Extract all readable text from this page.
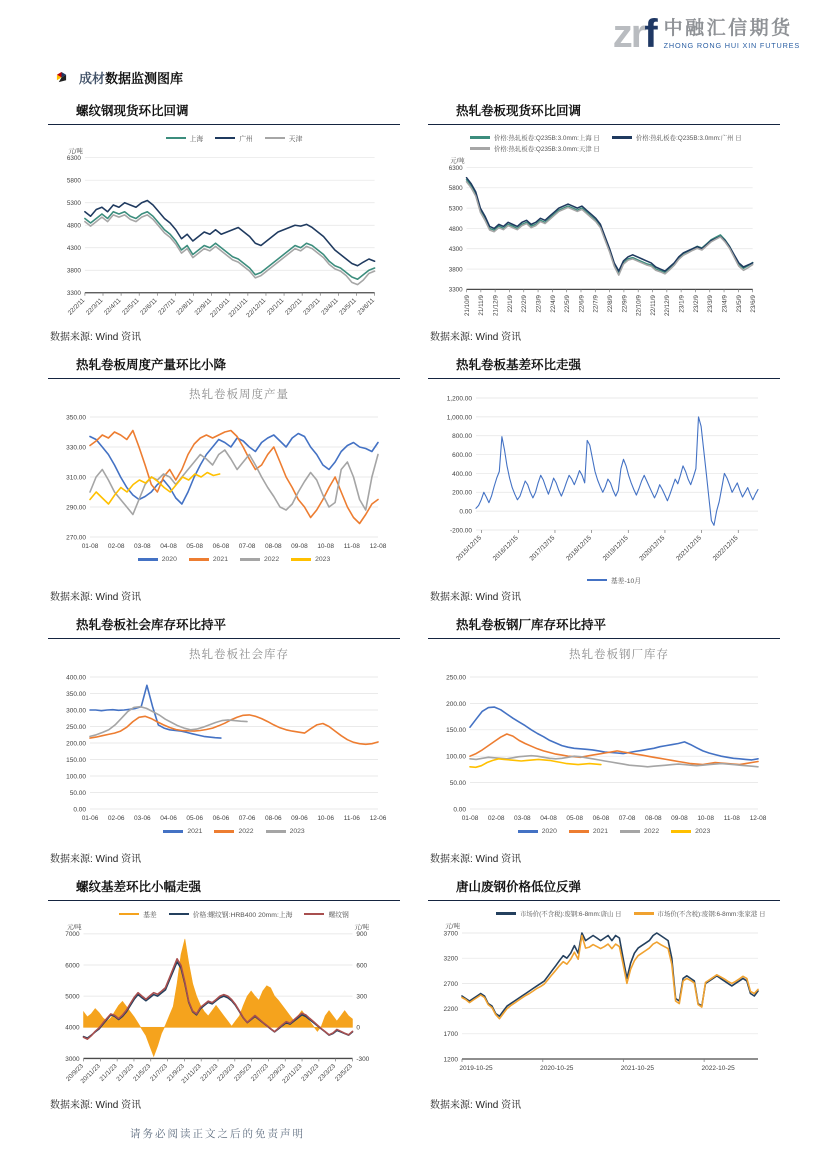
zrf 中融汇信期货
ZHONG RONG HUI XIN FUTURES
成材数据监测图库
螺纹钢现货环比回调
上海	广州	天津
6300
5800
5300
4800
4300
3800
3300
元/吨
22/2/11
22/3/11
22/4/11
22/5/11
22/6/11
22/7/11
22/8/11
22/9/11
22/10/11
22/11/11
22/12/11
23/1/11
23/2/11
23/3/11
23/4/11
23/5/11
23/6/11
数据来源: Wind 资讯
热轧卷板现货环比回调
价格:热轧板卷:Q235B:3.0mm:上海 日	价格:热轧板卷:Q235B:3.0mm:广州 日
价格:热轧板卷:Q235B:3.0mm:天津 日
6300
5800
5300
4800
4300
3800
3300
元/吨
21/10/9 21/11/9 21/12/9 22/1/9 22/2/9 22/3/9 22/4/9 22/5/9 22/6/9 22/7/9 22/8/9 22/9/9 22/10/9 22/11/9 22/12/9 23/1/9 23/2/9 23/3/9 23/4/9 23/5/9 23/6/9
数据来源: Wind 资讯
热轧卷板周度产量环比小降
热轧卷板周度产量
350.00
330.00
310.00
290.00
270.00
01-08 02-08 03-08 04-08 05-08 06-08 07-08 08-08 09-08 10-08 11-08 12-08
2020	2021	2022	2023
数据来源: Wind 资讯
热轧卷板基差环比走强
1,200.00
1,000.00
800.00
600.00
400.00
200.00
0.00
-200.00
2015/12/15 2016/12/15 2017/12/15 2018/12/15 2019/12/15 2020/12/15 2021/12/15 2022/12/15
基差-10月
数据来源: Wind 资讯
热轧卷板社会库存环比持平
热轧卷板社会库存
400.00
350.00
300.00
250.00
200.00
150.00
100.00
50.00
0.00
01-06 02-06 03-06 04-06 05-06 06-06 07-06 08-06 09-06 10-06 11-06 12-06
2021	2022	2023
数据来源: Wind 资讯
热轧卷板钢厂库存环比持平
热轧卷板钢厂库存
250.00
200.00
150.00
100.00
50.00
0.00
01-08 02-08 03-08 04-08 05-08 06-08 07-08 08-08 09-08 10-08 11-08 12-08
2020	2021	2022	2023
数据来源: Wind 资讯
螺纹基差环比小幅走强
基差	价格:螺纹钢:HRB400 20mm:上海	螺纹钢
7000
6000
5000
4000
3000
900
600
300
0
-300
元/吨	元/吨
20/9/23
20/11/23
21/1/23
21/3/23
21/5/23
21/7/23
21/9/23
21/11/23
22/1/23
22/3/23
22/5/23
22/7/23
22/9/23
22/11/23
23/1/23
23/3/23
23/5/23
数据来源: Wind 资讯
唐山废钢价格低位反弹
市场价(不含税):废钢:6-8mm:唐山 日	市场价(不含税):废钢:6-8mm:张家港 日
3700
3200
2700
2200
1700
1200
元/吨
2019-10-25	2020-10-25	2021-10-25	2022-10-25
数据来源: Wind 资讯
请务必阅读正文之后的免责声明
